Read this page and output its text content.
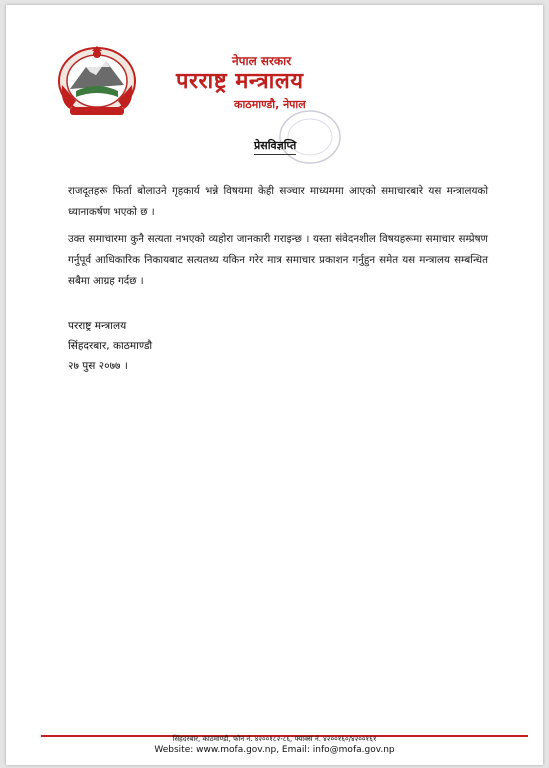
नेपाल सरकार
परराष्ट्र मन्त्रालय
काठमाण्डौ, नेपाल
प्रेसविज्ञप्ति
राजदूतहरू फिर्ता बोलाउने गृहकार्य भन्ने विषयमा केही सञ्चार माध्यममा आएको समाचारबारे यस मन्त्रालयको ध्यानाकर्षण भएको छ ।
उक्त समाचारमा कुनै सत्यता नभएको व्यहोरा जानकारी गराइन्छ । यस्ता संवेदनशील विषयहरूमा समाचार सम्प्रेषण गर्नुपूर्व आधिकारिक निकायबाट सत्यतथ्य यकिन गरेर मात्र समाचार प्रकाशन गर्नुहुन समेत यस मन्त्रालय सम्बन्धित सबैमा आग्रह गर्दछ ।
परराष्ट्र मन्त्रालय
सिंहदरबार, काठमाण्डौ
२७ पुस २०७७ ।
सिंहदरबार, काठमाण्डौ, फोन नं. ४२००१८२-८६, फ्याक्स नं. ४२००१६०/४२००१६१
Website: www.mofa.gov.np, Email: info@mofa.gov.np
